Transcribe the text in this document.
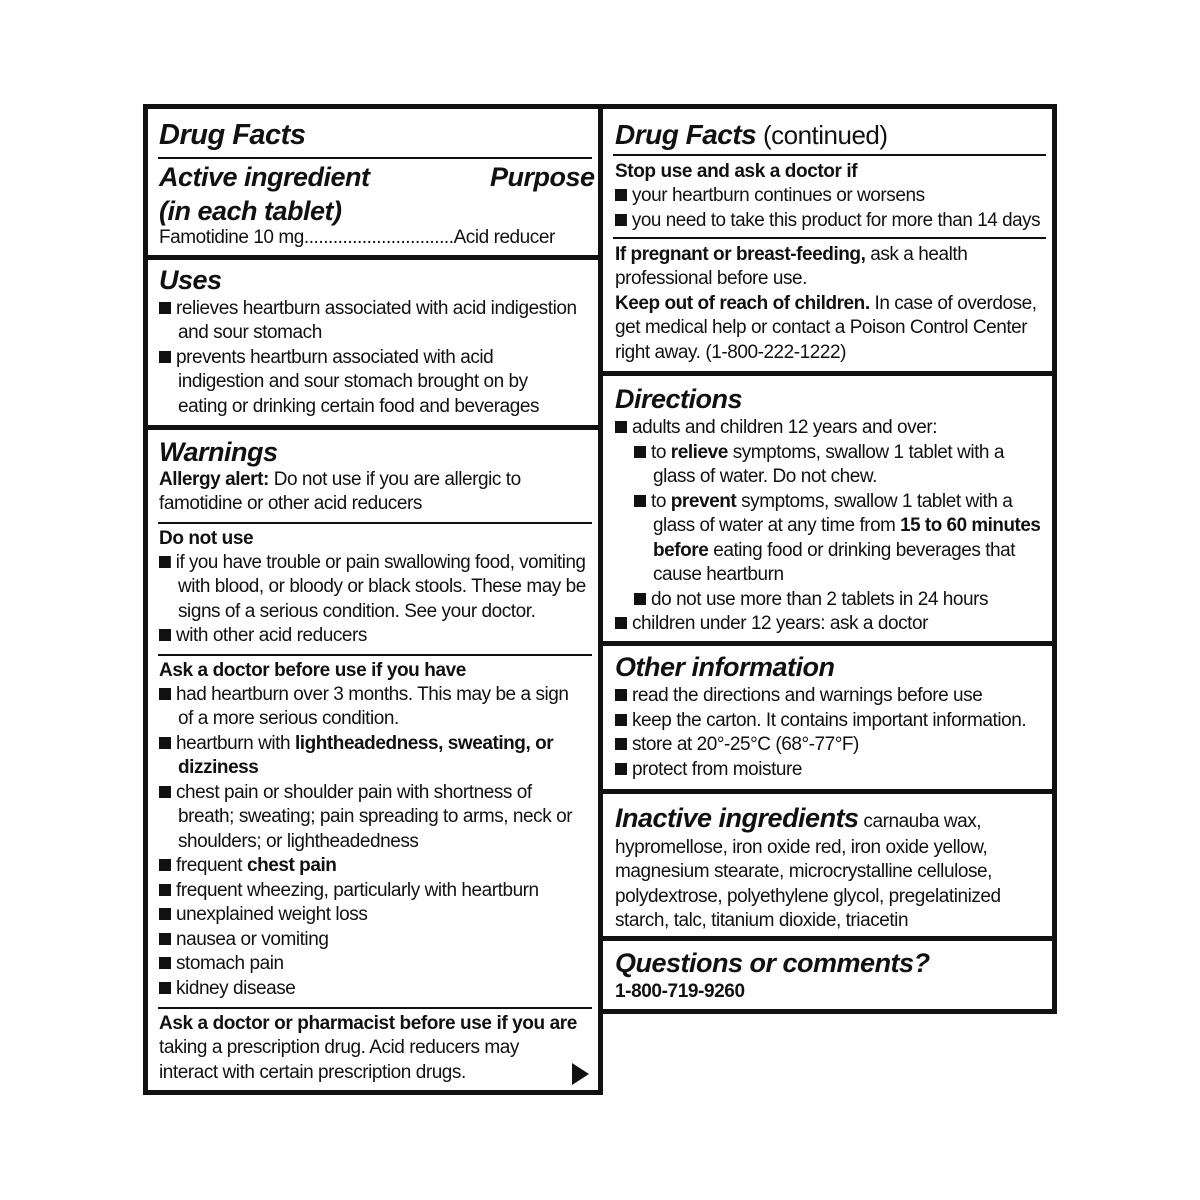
Drug Facts
Active ingredient	Purpose
(in each tablet)
Famotidine 10 mg...............................Acid reducer
Uses
relieves heartburn associated with acid indigestion
and sour stomach
prevents heartburn associated with acid
indigestion and sour stomach brought on by
eating or drinking certain food and beverages
Warnings
Allergy alert: Do not use if you are allergic to
famotidine or other acid reducers
Do not use
if you have trouble or pain swallowing food, vomiting
with blood, or bloody or black stools. These may be
signs of a serious condition. See your doctor.
with other acid reducers
Ask a doctor before use if you have
had heartburn over 3 months. This may be a sign
of a more serious condition.
heartburn with lightheadedness, sweating, or
dizziness
chest pain or shoulder pain with shortness of
breath; sweating; pain spreading to arms, neck or
shoulders; or lightheadedness
frequent chest pain
frequent wheezing, particularly with heartburn
unexplained weight loss
nausea or vomiting
stomach pain
kidney disease
Ask a doctor or pharmacist before use if you are
taking a prescription drug. Acid reducers may
interact with certain prescription drugs.
Drug Facts (continued)
Stop use and ask a doctor if
your heartburn continues or worsens
you need to take this product for more than 14 days
If pregnant or breast-feeding, ask a health
professional before use.
Keep out of reach of children. In case of overdose,
get medical help or contact a Poison Control Center
right away. (1-800-222-1222)
Directions
adults and children 12 years and over:
to relieve symptoms, swallow 1 tablet with a
glass of water. Do not chew.
to prevent symptoms, swallow 1 tablet with a
glass of water at any time from 15 to 60 minutes
before eating food or drinking beverages that
cause heartburn
do not use more than 2 tablets in 24 hours
children under 12 years: ask a doctor
Other information
read the directions and warnings before use
keep the carton. It contains important information.
store at 20°-25°C (68°-77°F)
protect from moisture
Inactive ingredients carnauba wax,
hypromellose, iron oxide red, iron oxide yellow,
magnesium stearate, microcrystalline cellulose,
polydextrose, polyethylene glycol, pregelatinized
starch, talc, titanium dioxide, triacetin
Questions or comments?
1-800-719-9260
